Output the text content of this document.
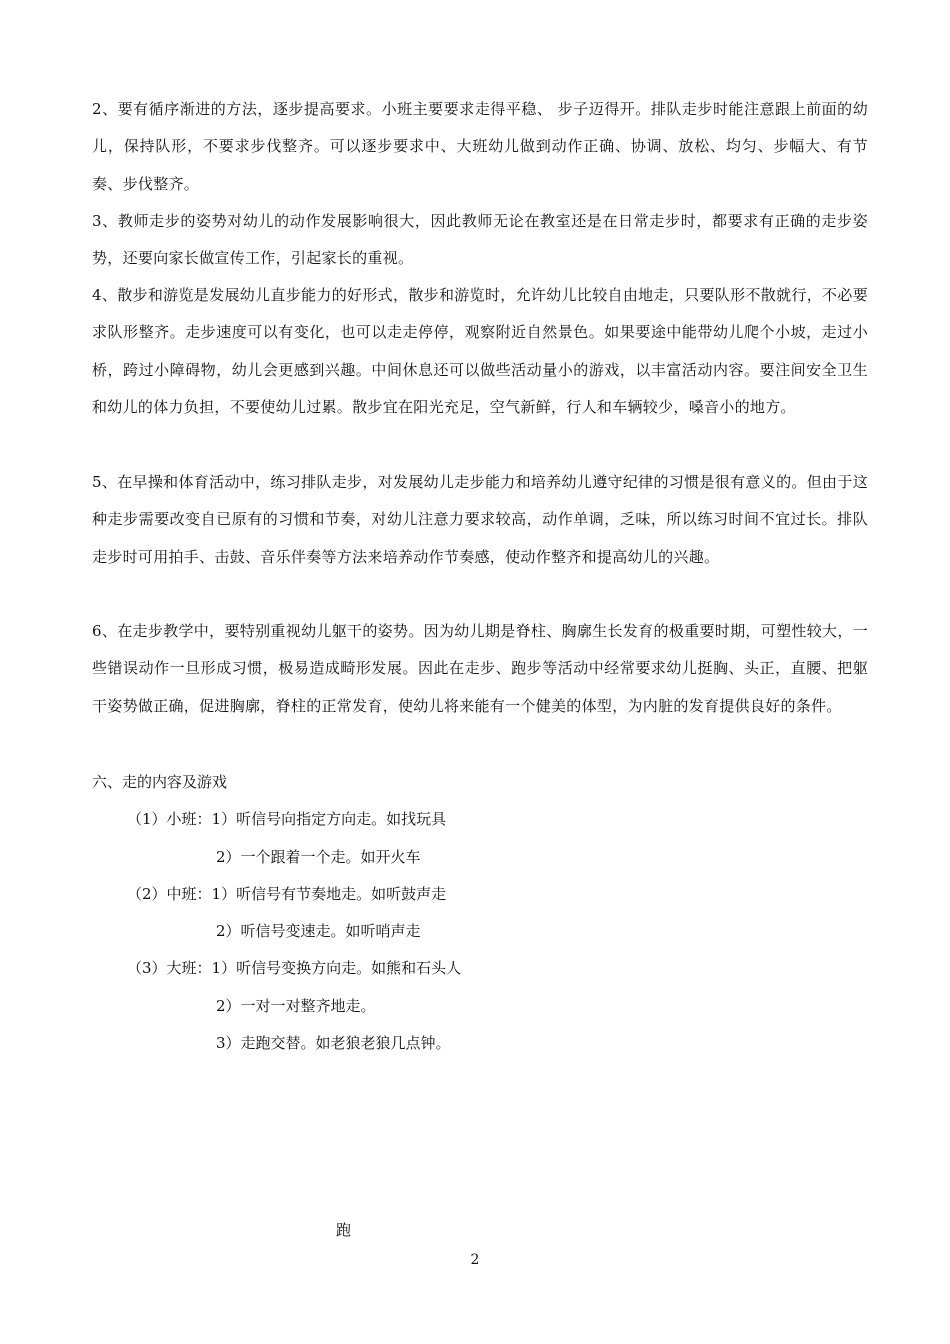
2、要有循序渐进的方法，逐步提高要求。小班主要要求走得平稳、 步子迈得开。排队走步时能注意跟上前面的幼儿，保持队形，不要求步伐整齐。可以逐步要求中、大班幼儿做到动作正确、协调、放松、均匀、步幅大、有节奏、步伐整齐。

3、教师走步的姿势对幼儿的动作发展影响很大，因此教师无论在教室还是在日常走步时，都要求有正确的走步姿势，还要向家长做宣传工作，引起家长的重视。

4、散步和游览是发展幼儿直步能力的好形式，散步和游览时，允许幼儿比较自由地走，只要队形不散就行，不必要求队形整齐。走步速度可以有变化，也可以走走停停，观察附近自然景色。如果要途中能带幼儿爬个小坡，走过小桥，跨过小障碍物，幼儿会更感到兴趣。中间休息还可以做些活动量小的游戏，以丰富活动内容。要注间安全卫生和幼儿的体力负担，不要使幼儿过累。散步宜在阳光充足，空气新鲜，行人和车辆较少，嗓音小的地方。

5、在早操和体育活动中，练习排队走步，对发展幼儿走步能力和培养幼儿遵守纪律的习惯是很有意义的。但由于这种走步需要改变自已原有的习惯和节奏，对幼儿注意力要求较高，动作单调，乏味，所以练习时间不宜过长。排队走步时可用拍手、击鼓、音乐伴奏等方法来培养动作节奏感，使动作整齐和提高幼儿的兴趣。

6、在走步教学中，要特别重视幼儿躯干的姿势。因为幼儿期是脊柱、胸廓生长发育的极重要时期，可塑性较大，一些错误动作一旦形成习惯，极易造成畸形发展。因此在走步、跑步等活动中经常要求幼儿挺胸、头正，直腰、把躯干姿势做正确，促进胸廓，脊柱的正常发育，使幼儿将来能有一个健美的体型，为内脏的发育提供良好的条件。

六、走的内容及游戏

（1）小班：1）听信号向指定方向走。如找玩具

2）一个跟着一个走。如开火车

（2）中班：1）听信号有节奏地走。如听鼓声走

2）听信号变速走。如听哨声走

（3）大班：1）听信号变换方向走。如熊和石头人

2）一对一对整齐地走。

3）走跑交替。如老狼老狼几点钟。

跑

2
